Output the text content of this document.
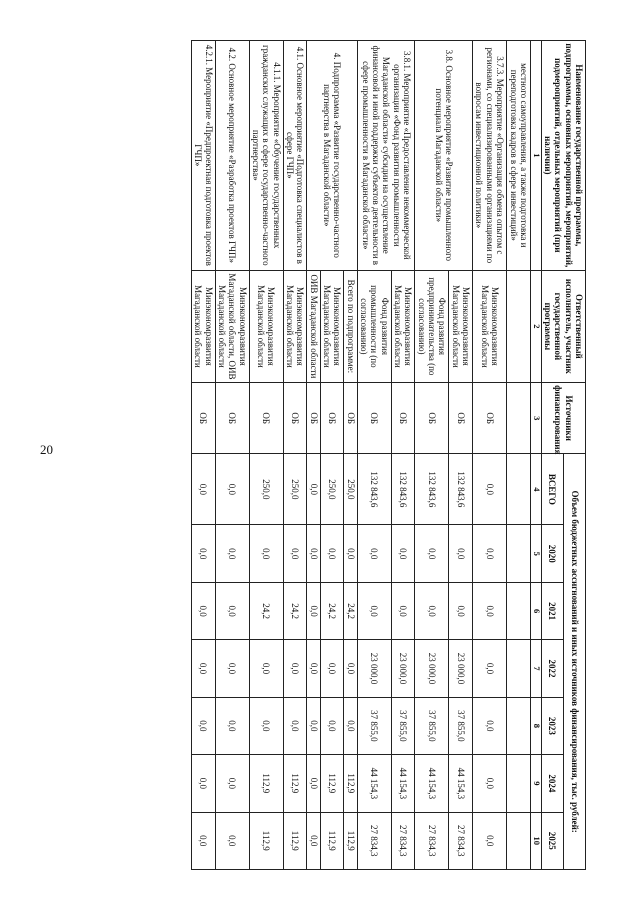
20
Наименование государственной программы, подпрограммы, основных мероприятий, мероприятий, подмероприятий, отдельных мероприятий (при наличии)	Ответственный исполнитель, участник государственной программы	Источники финансирования	Объем бюджетных ассигнований и иных источников финансирования, тыс. рублей:						
			ВСЕГО	2020	2021	2022	2023	2024	2025
1	2	3	4	5	6	7	8	9	10
местного самоуправления, а также подготовка и переподготовка кадров в сфере инвестиций»									
3.7.3. Мероприятие «Организация обмена опытом с регионами, со специализированными организациями по вопросам инвестиционной политики»	Минэкономразвития Магаданской области	ОБ	0,0	0,0	0,0	0,0	0,0	0,0	0,0
3.8. Основное мероприятие «Развитие промышленного потенциала Магаданской области»	Минэкономразвития Магаданской области	ОБ	132 843,6	0,0	0,0	23 000,0	37 855,0	44 154,3	27 834,3
	Фонд развития предпринимательства (по согласованию)	ОБ	132 843,6	0,0	0,0	23 000,0	37 855,0	44 154,3	27 834,3
3.8.1. Мероприятие «Предоставление некоммерческой организации «Фонд развития промышленности Магаданской области» субсидии на осуществление финансовой и иной поддержки субъектов деятельности в сфере промышленности в Магаданской области»	Минэкономразвития Магаданской области	ОБ	132 843,6	0,0	0,0	23 000,0	37 855,0	44 154,3	27 834,3
	Фонд развития промышленности (по согласованию)	ОБ	132 843,6	0,0	0,0	23 000,0	37 855,0	44 154,3	27 834,3
4. Подпрограмма «Развитие государственно-частного партнерства в Магаданской области»	Всего по подпрограмме:	ОБ	250,0	0,0	24,2	0,0	0,0	112,9	112,9
	Минэкономразвития Магаданской области	ОБ	250,0	0,0	24,2	0,0	0,0	112,9	112,9
	ОИВ Магаданской области	ОБ	0,0	0,0	0,0	0,0	0,0	0,0	0,0
4.1. Основное мероприятие «Подготовка специалистов в сфере ГЧП»	Минэкономразвития Магаданской области	ОБ	250,0	0,0	24,2	0,0	0,0	112,9	112,9
4.1.1. Мероприятие «Обучение государственных гражданских служащих в сфере государственно-частного партнерства»	Минэкономразвития Магаданской области	ОБ	250,0	0,0	24,2	0,0	0,0	112,9	112,9
4.2. Основное мероприятие «Разработка проектов ГЧП»	Минэкономразвития Магаданской области, ОИВ Магаданской области	ОБ	0,0	0,0	0,0	0,0	0,0	0,0	0,0
4.2.1. Мероприятие «Предпроектная подготовка проектов ГЧП»	Минэкономразвития Магаданской области	ОБ	0,0	0,0	0,0	0,0	0,0	0,0	0,0
